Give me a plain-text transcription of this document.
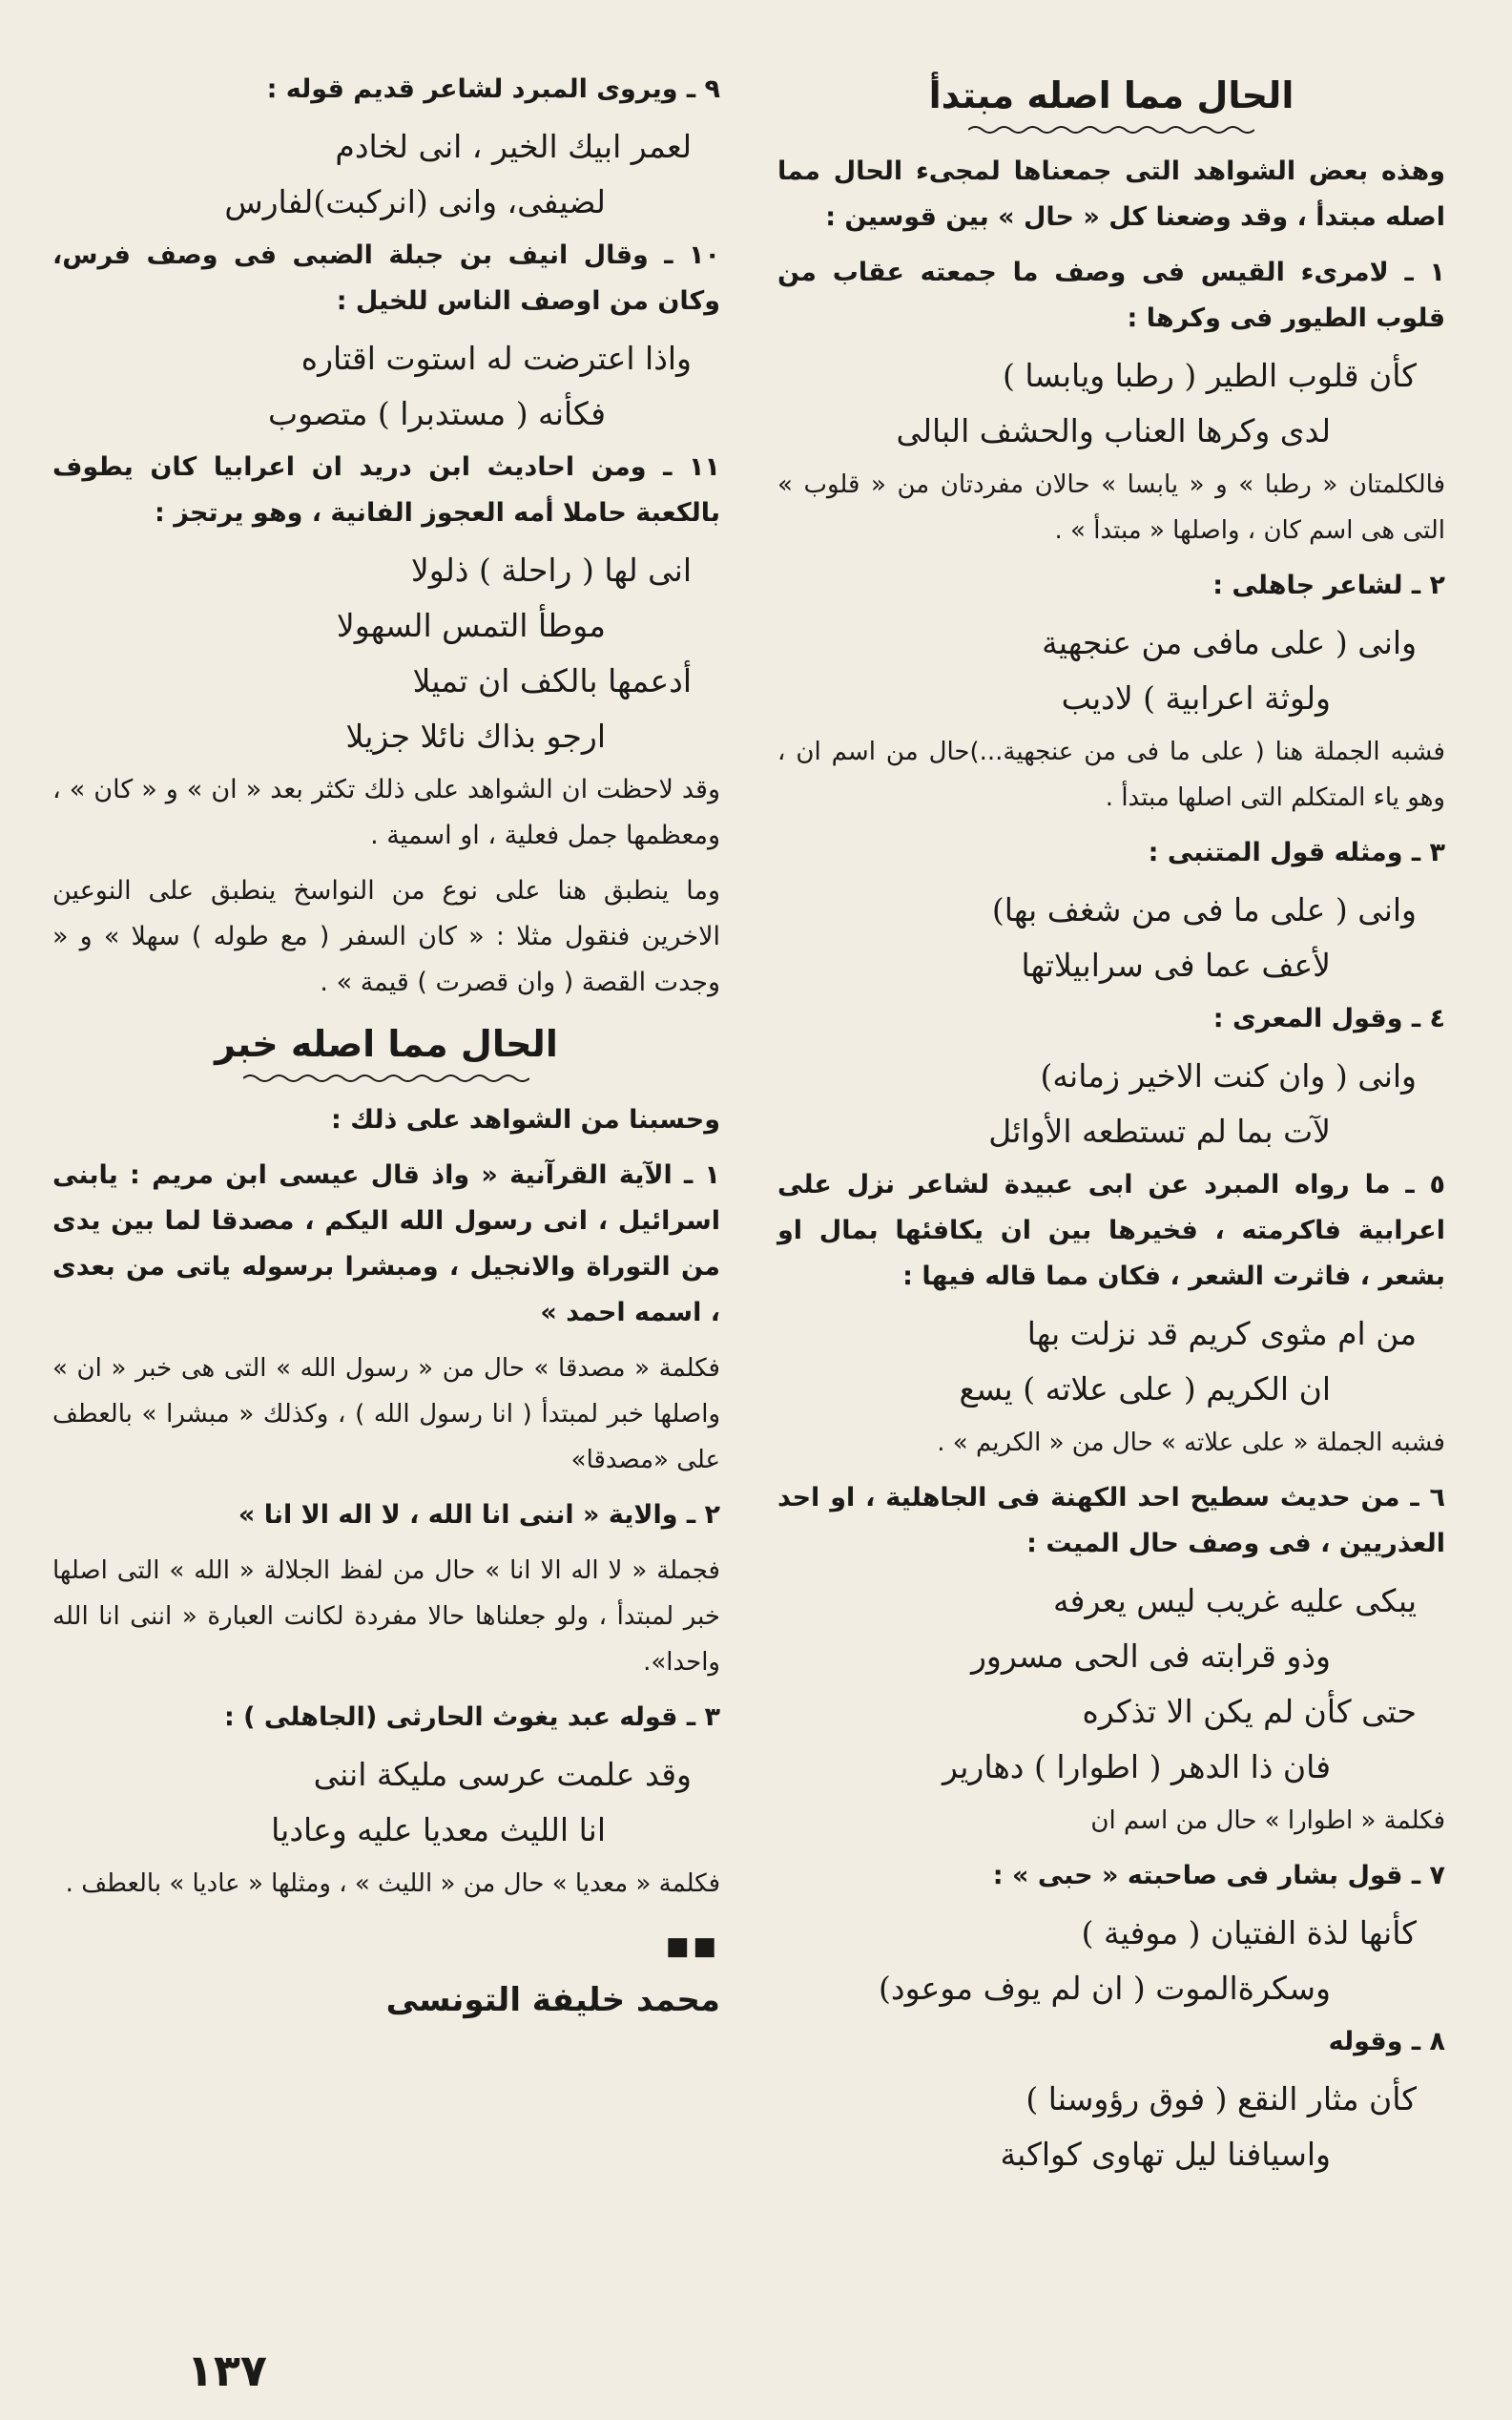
الحال مما اصله مبتدأ

وهذه بعض الشواهد التى جمعناها لمجىء الحال مما اصله مبتدأ ، وقد وضعنا كل « حال » بين قوسين :

١ ـ لامرىء القيس فى وصف ما جمعته عقاب من قلوب الطيور فى وكرها :

كأن قلوب الطير ( رطبا ويابسا )
لدى وكرها العناب والحشف البالى

فالكلمتان « رطبا » و « يابسا » حالان مفردتان من « قلوب » التى هى اسم كان ، واصلها « مبتدأ » .

٢ ـ لشاعر جاهلى :

وانى ( على مافى من عنجهية
ولوثة اعرابية ) لاديب

فشبه الجملة هنا ( على ما فى من عنجهية...)حال من اسم ان ، وهو ياء المتكلم التى اصلها مبتدأ .

٣ ـ ومثله قول المتنبى :

وانى ( على ما فى من شغف بها)
لأعف عما فى سرابيلاتها

٤ ـ وقول المعرى :

وانى ( وان كنت الاخير زمانه)
لآت بما لم تستطعه الأوائل

٥ ـ ما رواه المبرد عن ابى عبيدة لشاعر نزل على اعرابية فاكرمته ، فخيرها بين ان يكافئها بمال او بشعر ، فاثرت الشعر ، فكان مما قاله فيها :

من ام مثوى كريم قد نزلت بها
ان الكريم ( على علاته ) يسع

فشبه الجملة « على علاته » حال من « الكريم » .

٦ ـ من حديث سطيح احد الكهنة فى الجاهلية ، او احد العذريين ، فى وصف حال الميت :

يبكى عليه غريب ليس يعرفه
وذو قرابته فى الحى مسرور
حتى كأن لم يكن الا تذكره
فان ذا الدهر ( اطوارا ) دهارير

فكلمة « اطوارا » حال من اسم ان

٧ ـ قول بشار فى صاحبته « حبى » :

كأنها لذة الفتيان ( موفية )
وسكرةالموت ( ان لم يوف موعود)

٨ ـ وقوله

كأن مثار النقع ( فوق رؤوسنا )
واسيافنا ليل تهاوى كواكبة

٩ ـ ويروى المبرد لشاعر قديم قوله :

لعمر ابيك الخير ، انى لخادم
لضيفى، وانى (انركبت)لفارس

١٠ ـ وقال انيف بن جبلة الضبى فى وصف فرس، وكان من اوصف الناس للخيل :

واذا اعترضت له استوت اقتاره
فكأنه ( مستدبرا ) متصوب

١١ ـ ومن احاديث ابن دريد ان اعرابيا كان يطوف بالكعبة حاملا أمه العجوز الفانية ، وهو يرتجز :

انى لها ( راحلة ) ذلولا
موطأ التمس السهولا
أدعمها بالكف ان تميلا
ارجو بذاك نائلا جزيلا

وقد لاحظت ان الشواهد على ذلك تكثر بعد « ان » و « كان » ، ومعظمها جمل فعلية ، او اسمية .

وما ينطبق هنا على نوع من النواسخ ينطبق على النوعين الاخرين فنقول مثلا : « كان السفر ( مع طوله ) سهلا » و « وجدت القصة ( وان قصرت ) قيمة » .

الحال مما اصله خبر

وحسبنا من الشواهد على ذلك :

١ ـ الآية القرآنية « واذ قال عيسى ابن مريم : يابنى اسرائيل ، انى رسول الله اليكم ، مصدقا لما بين يدى من التوراة والانجيل ، ومبشرا برسوله ياتى من بعدى ، اسمه احمد »

فكلمة « مصدقا » حال من « رسول الله » التى هى خبر « ان » واصلها خبر لمبتدأ ( انا رسول الله ) ، وكذلك « مبشرا » بالعطف على «مصدقا»

٢ ـ والاية « اننى انا الله ، لا اله الا انا »

فجملة « لا اله الا انا » حال من لفظ الجلالة « الله » التى اصلها خبر لمبتدأ ، ولو جعلناها حالا مفردة لكانت العبارة « اننى انا الله واحدا».

٣ ـ قوله عبد يغوث الحارثى (الجاهلى ) :

وقد علمت عرسى مليكة اننى
انا الليث معديا عليه وعاديا

فكلمة « معديا » حال من « الليث » ، ومثلها « عاديا » بالعطف .

■■
محمد خليفة التونسى
١٣٧
